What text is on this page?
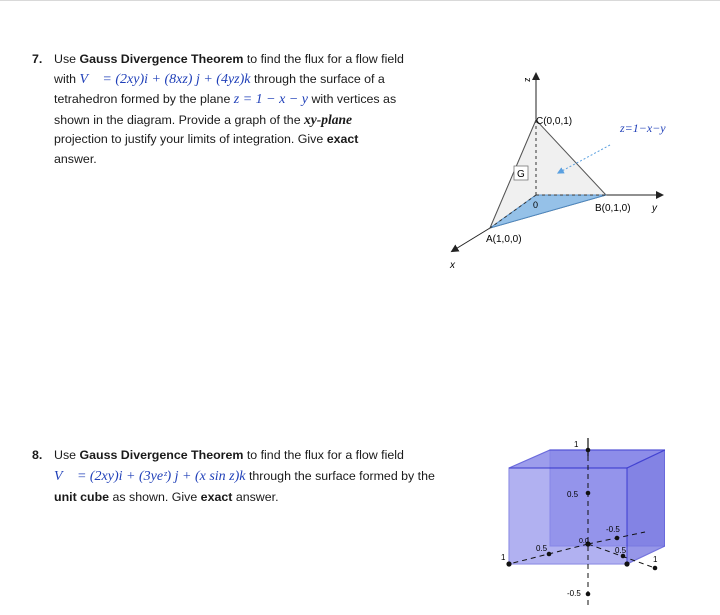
7. Use Gauss Divergence Theorem to find the flux for a flow field
with V⃗ = (2xy)i + (8xz) j + (4yz)k through the surface of a
tetrahedron formed by the plane z = 1 − x − y with vertices as
shown in the diagram. Provide a graph of the xy-plane
projection to justify your limits of integration. Give exact
answer.
G
z
C(0,0,1)	z=1−x−y
0	B(0,1,0) y
A(1,0,0)
x
8. Use Gauss Divergence Theorem to find the flux for a flow field
V⃗ = (2xy)i + (3yeᶻ) j + (x sin z)k through the surface formed by the
unit cube as shown. Give exact answer.
1
0.5
-0.5
0.5
1
-0.5
0.5
1
0.0
